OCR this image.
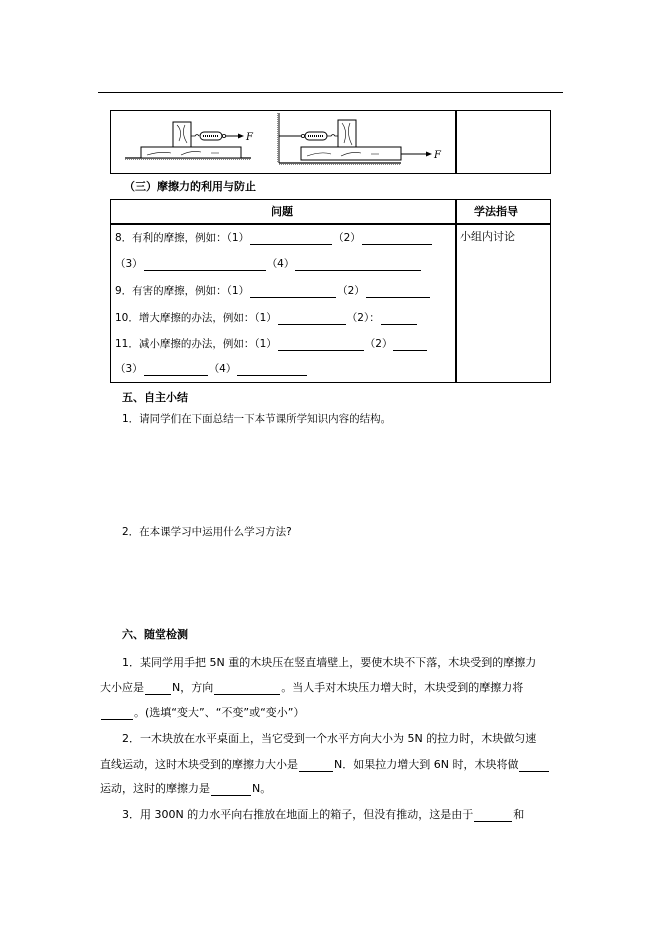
F
F
（三）摩擦力的利用与防止
问题	学法指导
小组内讨论
8．有利的摩擦，例如：（1）	（2）
（3）	（4）
9．有害的摩擦，例如：（1）	（2）
10．增大摩擦的办法，例如：（1）	（2）：
11．减小摩擦的办法，例如：（1）	（2）
（3）	（4）
五、自主小结
1．请同学们在下面总结一下本节课所学知识内容的结构。
2．在本课学习中运用什么学习方法?
六、随堂检测
1．某同学用手把 5N 重的木块压在竖直墙壁上，要使木块不下落，木块受到的摩擦力
大小应是	N，方向	。当人手对木块压力增大时，木块受到的摩擦力将
。(选填“变大”、“不变”或“变小”）
2．一木块放在水平桌面上，当它受到一个水平方向大小为 5N 的拉力时，木块做匀速
直线运动，这时木块受到的摩擦力大小是	N．如果拉力增大到 6N 时，木块将做
运动，这时的摩擦力是	N。
3．用 300N 的力水平向右推放在地面上的箱子，但没有推动，这是由于	和
